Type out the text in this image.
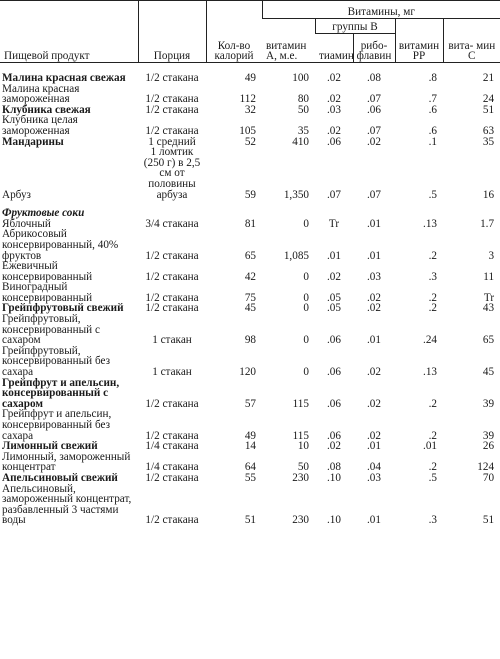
Пищевой продукт	Порция	Кол-во калорий	Витамины, мг				
			витамин А, м.е.	группы B		витамин РР	вита- мин С
				тиамин	рибо- флавин		

Малина красная свежая	1/2 стакана	49	100	.02	.08	.8	21
Малина красная замороженная	1/2 стакана	112	80	.02	.07	.7	24
Клубника свежая	1/2 стакана	32	50	.03	.06	.6	51
Клубника целая замороженная	1/2 стакана	105	35	.02	.07	.6	63
Мандарины	1 средний	52	410	.06	.02	.1	35
Арбуз	1 ломтик (250 г) в 2,5 см от половины арбуза	59	1,350	.07	.07	.5	16
Фруктовые соки							
Яблочный	3/4 стакана	81	0	Tr	.01	.13	1.7
Абрикосовый консервированный, 40% фруктов	1/2 стакана	65	1,085	.01	.01	.2	3
Ежевичный консервированный	1/2 стакана	42	0	.02	.03	.3	11
Виноградный консервированный	1/2 стакана	75	0	.05	.02	.2	Tr
Грейпфрутовый свежий	1/2 стакана	45	0	.05	.02	.2	43
Грейпфрутовый, консервированный с сахаром	1 стакан	98	0	.06	.01	.24	65
Грейпфрутовый, консервированный без сахара	1 стакан	120	0	.06	.02	.13	45
Грейпфрут и апельсин, консервированный с сахаром	1/2 стакана	57	115	.06	.02	.2	39
Грейпфрут и апельсин, консервированный без сахара	1/2 стакана	49	115	.06	.02	.2	39
Лимонный свежий	1/4 стакана	14	10	.02	.01	.01	26
Лимонный, замороженный концентрат	1/4 стакана	64	50	.08	.04	.2	124
Апельсиновый свежий	1/2 стакана	55	230	.10	.03	.5	70
Апельсиновый, замороженный концентрат, разбавленный 3 частями воды	1/2 стакана	51	230	.10	.01	.3	51
